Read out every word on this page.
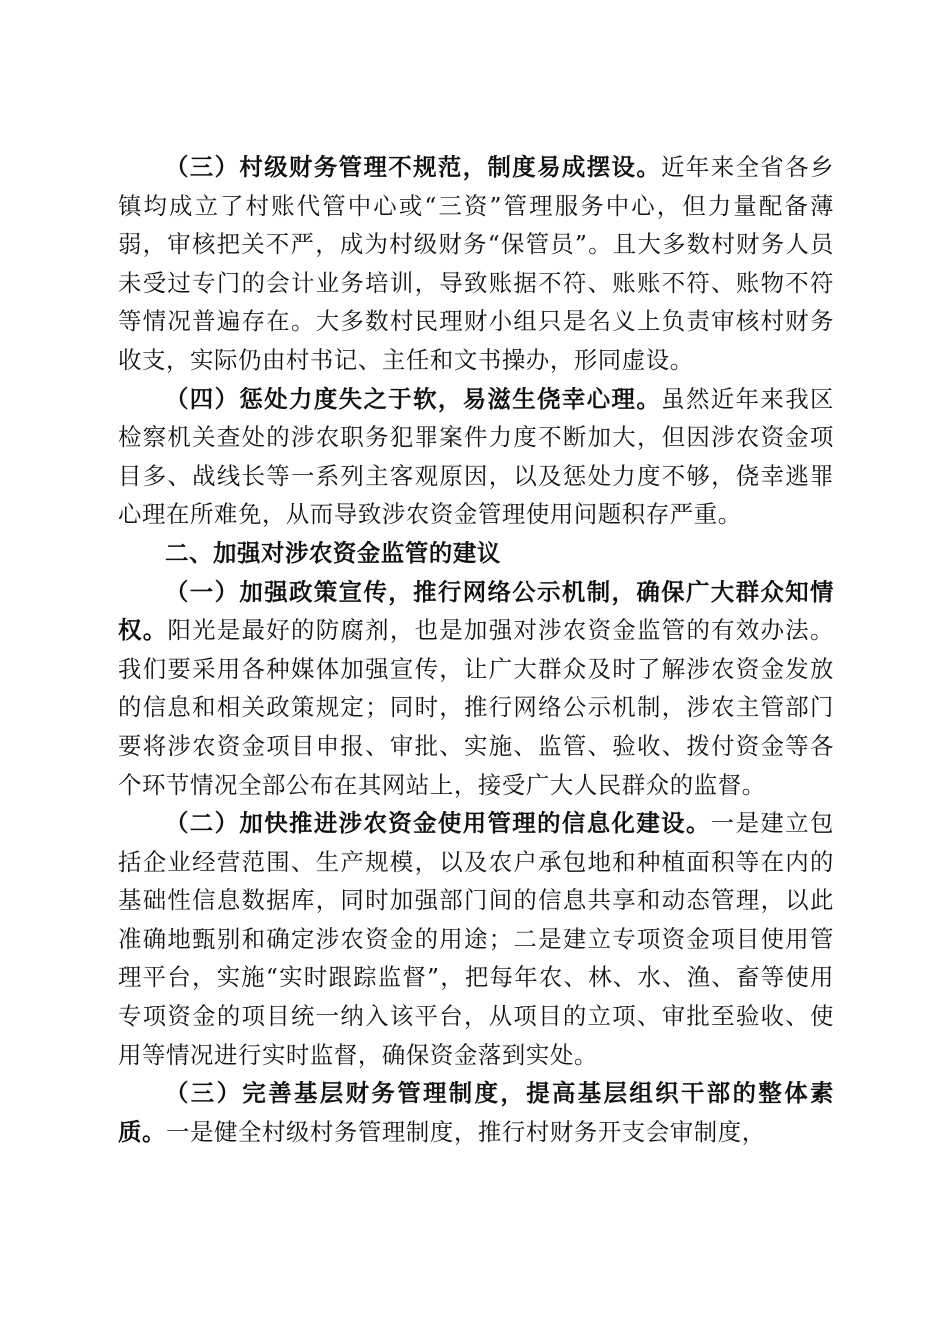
（三）村级财务管理不规范，制度易成摆设。近年来全省各乡镇均成立了村账代管中心或“三资”管理服务中心，但力量配备薄弱，审核把关不严，成为村级财务“保管员”。且大多数村财务人员未受过专门的会计业务培训，导致账据不符、账账不符、账物不符等情况普遍存在。大多数村民理财小组只是名义上负责审核村财务收支，实际仍由村书记、主任和文书操办，形同虚设。

（四）惩处力度失之于软，易滋生侥幸心理。虽然近年来我区检察机关查处的涉农职务犯罪案件力度不断加大，但因涉农资金项目多、战线长等一系列主客观原因，以及惩处力度不够，侥幸逃罪心理在所难免，从而导致涉农资金管理使用问题积存严重。

二、加强对涉农资金监管的建议

（一）加强政策宣传，推行网络公示机制，确保广大群众知情权。阳光是最好的防腐剂，也是加强对涉农资金监管的有效办法。我们要采用各种媒体加强宣传，让广大群众及时了解涉农资金发放的信息和相关政策规定；同时，推行网络公示机制，涉农主管部门要将涉农资金项目申报、审批、实施、监管、验收、拨付资金等各个环节情况全部公布在其网站上，接受广大人民群众的监督。

（二）加快推进涉农资金使用管理的信息化建设。一是建立包括企业经营范围、生产规模，以及农户承包地和种植面积等在内的基础性信息数据库，同时加强部门间的信息共享和动态管理，以此准确地甄别和确定涉农资金的用途；二是建立专项资金项目使用管理平台，实施“实时跟踪监督”，把每年农、林、水、渔、畜等使用专项资金的项目统一纳入该平台，从项目的立项、审批至验收、使用等情况进行实时监督，确保资金落到实处。

（三）完善基层财务管理制度，提高基层组织干部的整体素质。一是健全村级村务管理制度，推行村财务开支会审制度，
